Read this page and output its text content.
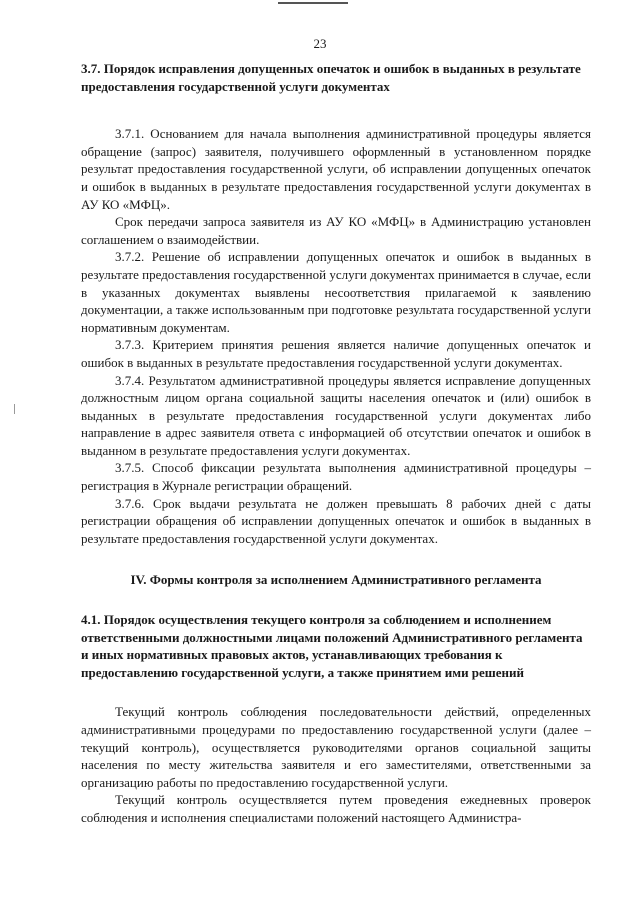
23

3.7. Порядок исправления допущенных опечаток и ошибок в выданных в результате предоставления государственной услуги документах

3.7.1. Основанием для начала выполнения административной процедуры является обращение (запрос) заявителя, получившего оформленный в установленном порядке результат предоставления государственной услуги, об исправлении допущенных опечаток и ошибок в выданных в результате предоставления государственной услуги документах в АУ КО «МФЦ».

Срок передачи запроса заявителя из АУ КО «МФЦ» в Администрацию установлен соглашением о взаимодействии.

3.7.2. Решение об исправлении допущенных опечаток и ошибок в выданных в результате предоставления государственной услуги документах принимается в случае, если в указанных документах выявлены несоответствия прилагаемой к заявлению документации, а также использованным при подготовке результата государственной услуги нормативным документам.

3.7.3. Критерием принятия решения является наличие допущенных опечаток и ошибок в выданных в результате предоставления государственной услуги документах.

3.7.4. Результатом административной процедуры является исправление допущенных должностным лицом органа социальной защиты населения опечаток и (или) ошибок в выданных в результате предоставления государственной услуги документах либо направление в адрес заявителя ответа с информацией об отсутствии опечаток и ошибок в выданном в результате предоставления услуги документах.

3.7.5. Способ фиксации результата выполнения административной процедуры – регистрация в Журнале регистрации обращений.

3.7.6. Срок выдачи результата не должен превышать 8 рабочих дней с даты регистрации обращения об исправлении допущенных опечаток и ошибок в выданных в результате предоставления государственной услуги документах.

IV. Формы контроля за исполнением Административного регламента

4.1. Порядок осуществления текущего контроля за соблюдением и исполнением ответственными должностными лицами положений Административного регламента и иных нормативных правовых актов, устанавливающих требования к предоставлению государственной услуги, а также принятием ими решений

Текущий контроль соблюдения последовательности действий, определенных административными процедурами по предоставлению государственной услуги (далее – текущий контроль), осуществляется руководителями органов социальной защиты населения по месту жительства заявителя и его заместителями, ответственными за организацию работы по предоставлению государственной услуги.

Текущий контроль осуществляется путем проведения ежедневных проверок соблюдения и исполнения специалистами положений настоящего Администра-
